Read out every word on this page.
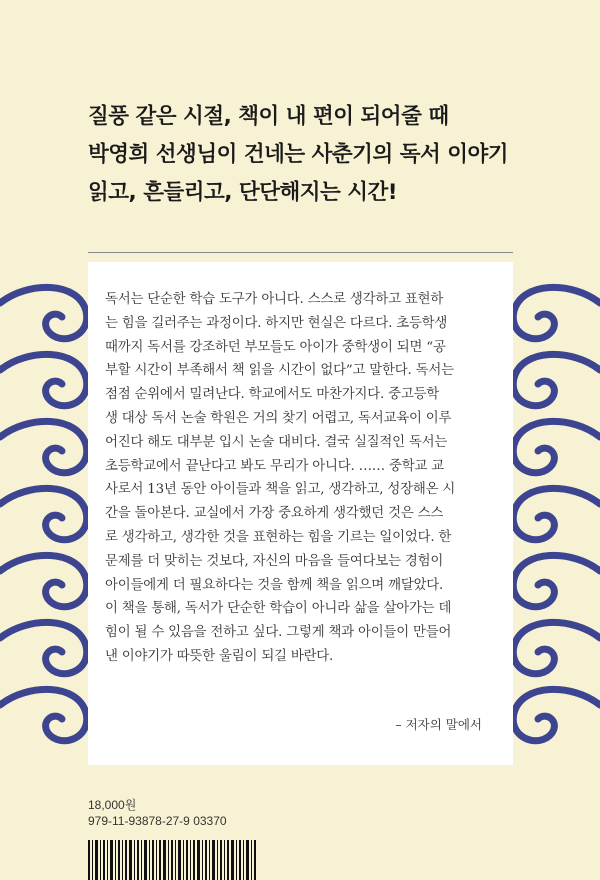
질풍 같은 시절, 책이 내 편이 되어줄 때
박영희 선생님이 건네는 사춘기의 독서 이야기
읽고, 흔들리고, 단단해지는 시간!
독서는 단순한 학습 도구가 아니다. 스스로 생각하고 표현하
는 힘을 길러주는 과정이다. 하지만 현실은 다르다. 초등학생
때까지 독서를 강조하던 부모들도 아이가 중학생이 되면 “공
부할 시간이 부족해서 책 읽을 시간이 없다”고 말한다. 독서는
점점 순위에서 밀려난다. 학교에서도 마찬가지다. 중고등학
생 대상 독서 논술 학원은 거의 찾기 어렵고, 독서교육이 이루
어진다 해도 대부분 입시 논술 대비다. 결국 실질적인 독서는
초등학교에서 끝난다고 봐도 무리가 아니다. …… 중학교 교
사로서 13년 동안 아이들과 책을 읽고, 생각하고, 성장해온 시
간을 돌아본다. 교실에서 가장 중요하게 생각했던 것은 스스
로 생각하고, 생각한 것을 표현하는 힘을 기르는 일이었다. 한
문제를 더 맞히는 것보다, 자신의 마음을 들여다보는 경험이
아이들에게 더 필요하다는 것을 함께 책을 읽으며 깨달았다.
이 책을 통해, 독서가 단순한 학습이 아니라 삶을 살아가는 데
힘이 될 수 있음을 전하고 싶다. 그렇게 책과 아이들이 만들어
낸 이야기가 따뜻한 울림이 되길 바란다.
– 저자의 말에서
18,000원
979-11-93878-27-9 03370
